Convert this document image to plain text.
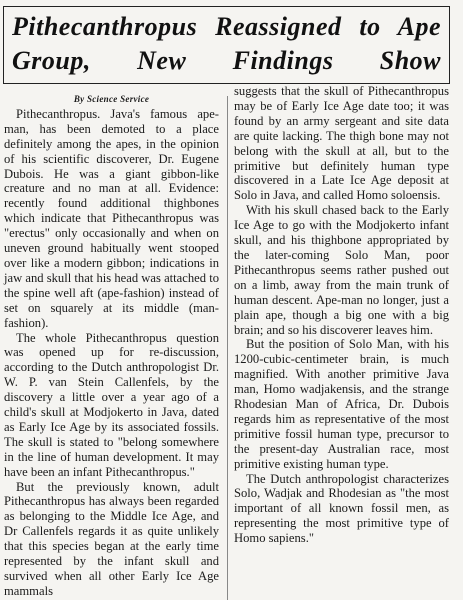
Pithecanthropus Reassigned to Ape Group, New Findings Show

By Science Service

Pithecanthropus. Java's famous ape-man, has been demoted to a place definitely among the apes, in the opinion of his scientific discoverer, Dr. Eugene Dubois. He was a giant gibbon-like creature and no man at all. Evidence: recently found additional thighbones which indicate that Pithecanthropus was "erectus" only occasionally and when on uneven ground habitually went stooped over like a modern gibbon; indications in jaw and skull that his head was attached to the spine well aft (ape-fashion) instead of set on squarely at its middle (man-fashion).

The whole Pithecanthropus question was opened up for re-discussion, according to the Dutch anthropologist Dr. W. P. van Stein Callenfels, by the discovery a little over a year ago of a child's skull at Modjokerto in Java, dated as Early Ice Age by its associated fossils. The skull is stated to "belong somewhere in the line of human development. It may have been an infant Pithecanthropus."

But the previously known, adult Pithecanthropus has always been regarded as belonging to the Middle Ice Age, and Dr Callenfels regards it as quite unlikely that this species began at the early time represented by the infant skull and survived when all other Early Ice Age mammals

suggests that the skull of Pithecanthropus may be of Early Ice Age date too; it was found by an army sergeant and site data are quite lacking. The thigh bone may not belong with the skull at all, but to the primitive but definitely human type discovered in a Late Ice Age deposit at Solo in Java, and called Homo soloensis.

With his skull chased back to the Early Ice Age to go with the Modjokerto infant skull, and his thighbone appropriated by the later-coming Solo Man, poor Pithecanthropus seems rather pushed out on a limb, away from the main trunk of human descent. Ape-man no longer, just a plain ape, though a big one with a big brain; and so his discoverer leaves him.

But the position of Solo Man, with his 1200-cubic-centimeter brain, is much magnified. With another primitive Java man, Homo wadjakensis, and the strange Rhodesian Man of Africa, Dr. Dubois regards him as representative of the most primitive fossil human type, precursor to the present-day Australian race, most primitive existing human type.

The Dutch anthropologist characterizes Solo, Wadjak and Rhodesian as "the most important of all known fossil men, as representing the most primitive type of Homo sapiens."
